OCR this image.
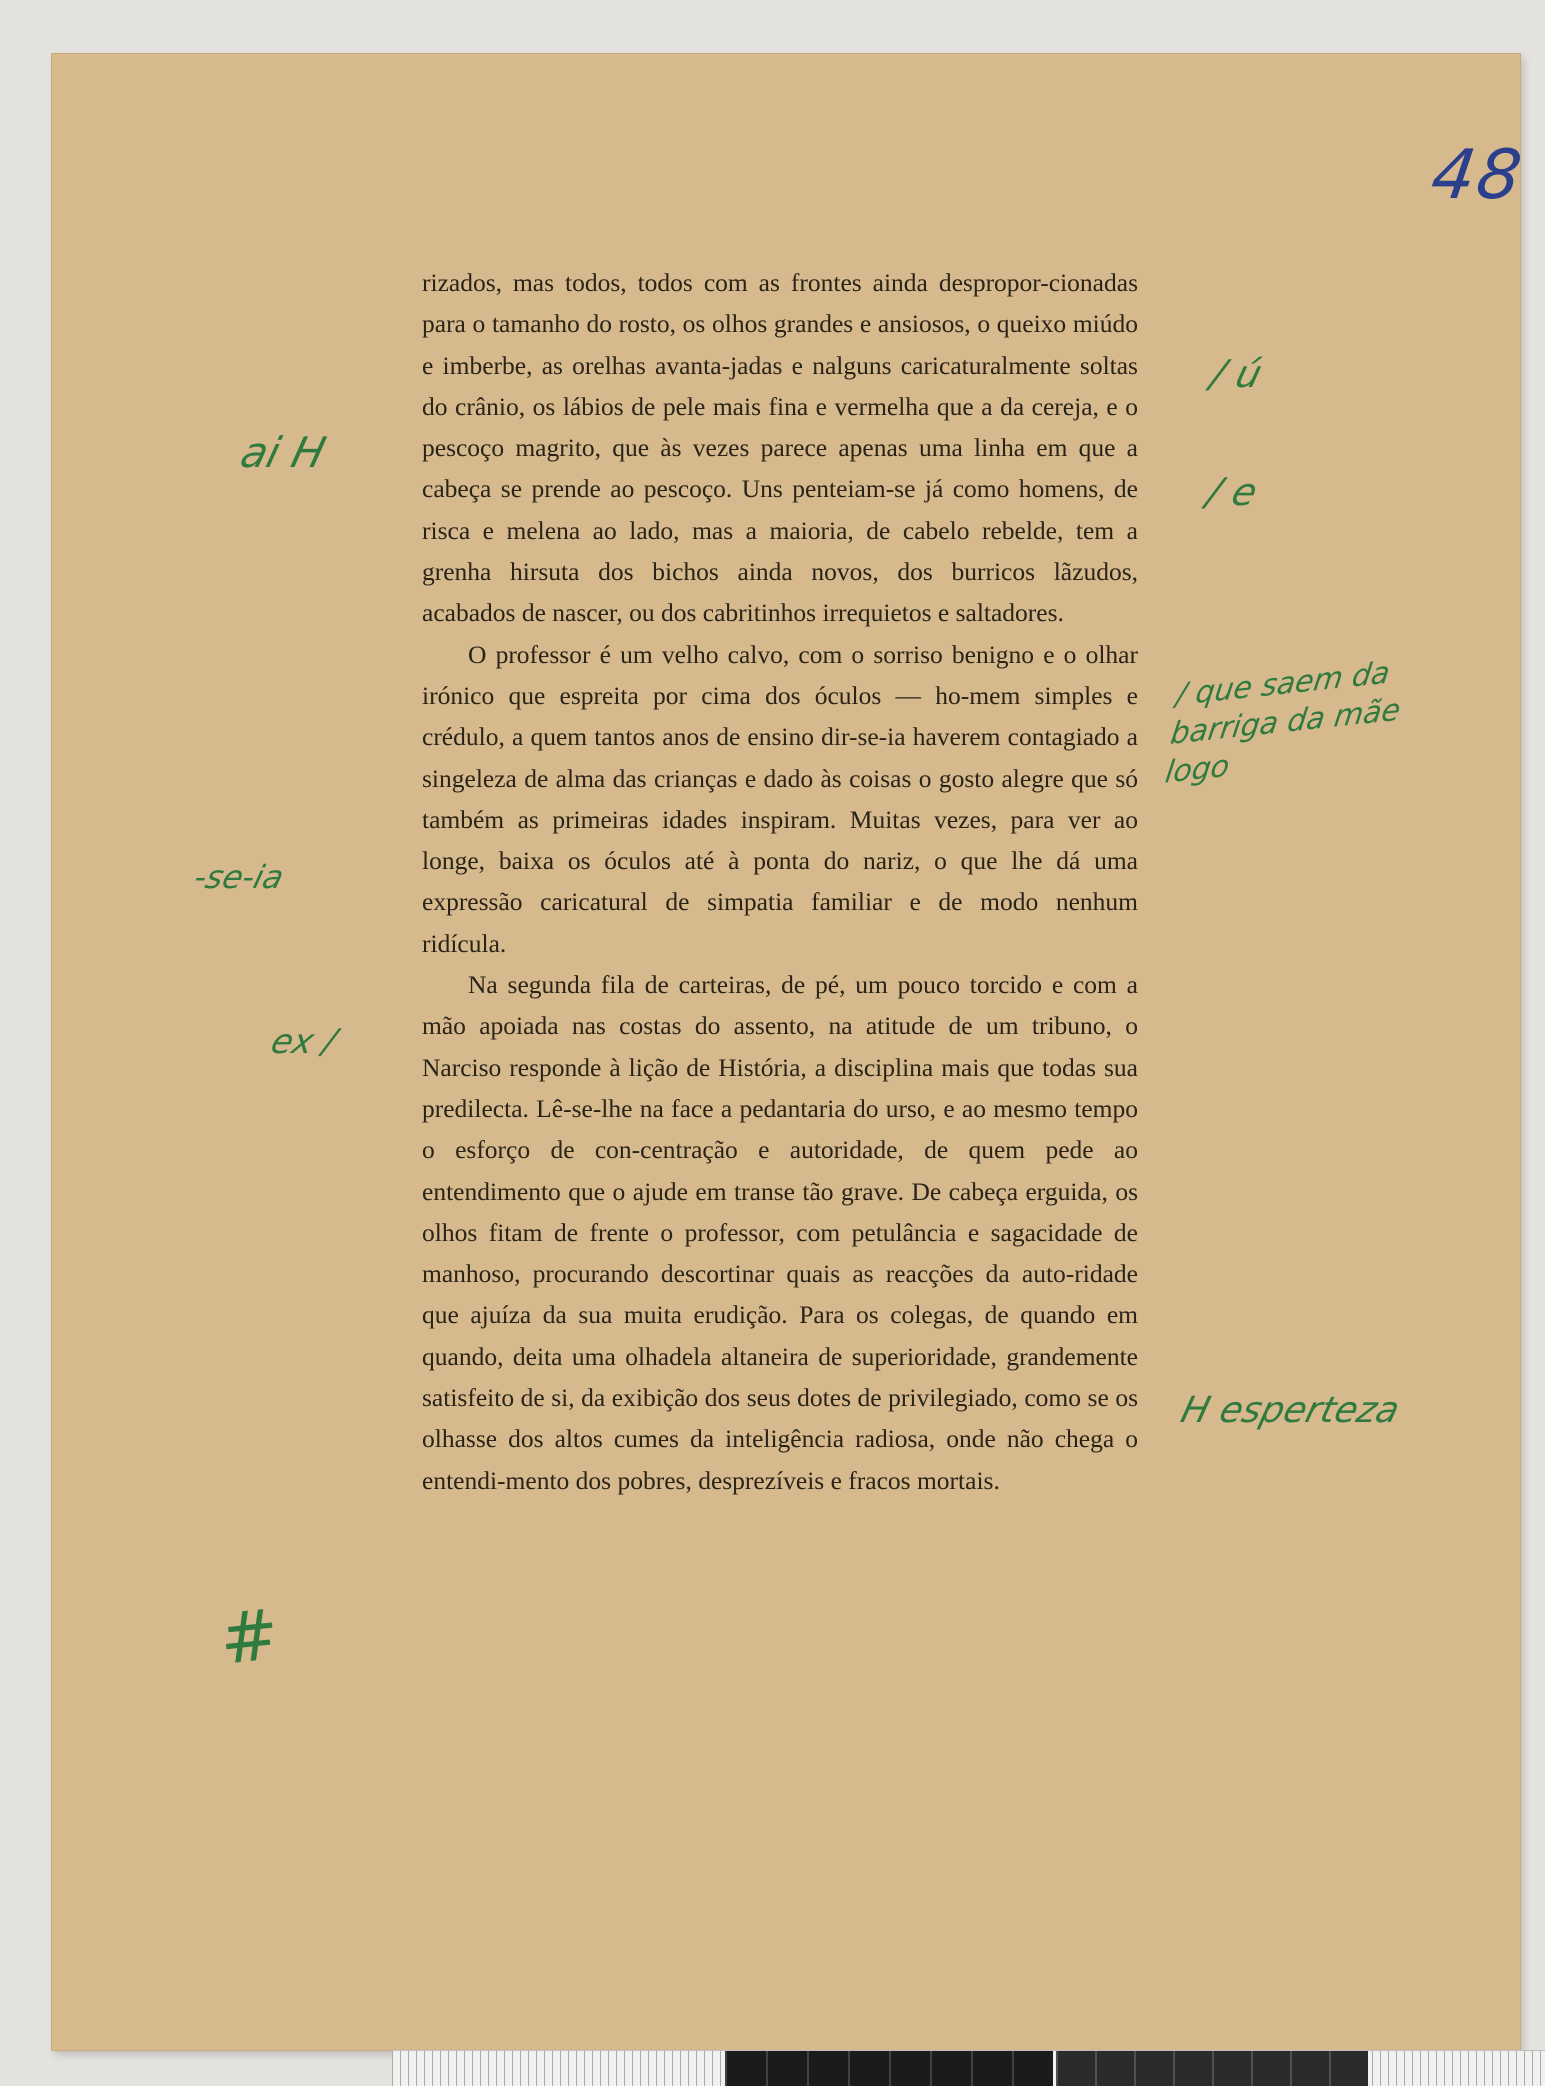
48

rizados, mas todos, todos com as frontes ainda despropor-cionadas para o tamanho do rosto, os olhos grandes e ansiosos, o queixo miúdo e imberbe, as orelhas avanta-jadas e nalguns caricaturalmente soltas do crânio, os lábios de pele mais fina e vermelha que a da cereja, e o pescoço magrito, que às vezes parece apenas uma linha em que a cabeça se prende ao pescoço. Uns penteiam-se já como homens, de risca e melena ao lado, mas a maioria, de cabelo rebelde, tem a grenha hirsuta dos bichos ainda novos, dos burricos lãzudos, acabados de nascer, ou dos cabritinhos irrequietos e saltadores.

O professor é um velho calvo, com o sorriso benigno e o olhar irónico que espreita por cima dos óculos — ho-mem simples e crédulo, a quem tantos anos de ensino dir-se-ia haverem contagiado a singeleza de alma das crianças e dado às coisas o gosto alegre que só também as primeiras idades inspiram. Muitas vezes, para ver ao longe, baixa os óculos até à ponta do nariz, o que lhe dá uma expressão caricatural de simpatia familiar e de modo nenhum ridícula.

Na segunda fila de carteiras, de pé, um pouco torcido e com a mão apoiada nas costas do assento, na atitude de um tribuno, o Narciso responde à lição de História, a disciplina mais que todas sua predilecta. Lê-se-lhe na face a pedantaria do urso, e ao mesmo tempo o esforço de con-centração e autoridade, de quem pede ao entendimento que o ajude em transe tão grave. De cabeça erguida, os olhos fitam de frente o professor, com petulância e sagacidade de manhoso, procurando descortinar quais as reacções da auto-ridade que ajuíza da sua muita erudição. Para os colegas, de quando em quando, deita uma olhadela altaneira de superioridade, grandemente satisfeito de si, da exibição dos seus dotes de privilegiado, como se os olhasse dos altos cumes da inteligência radiosa, onde não chega o entendi-mento dos pobres, desprezíveis e fracos mortais.

ai H
-se-ia
ex /
#
/ ú
/ e
/ que saem da barriga da mãe logo
H esperteza
